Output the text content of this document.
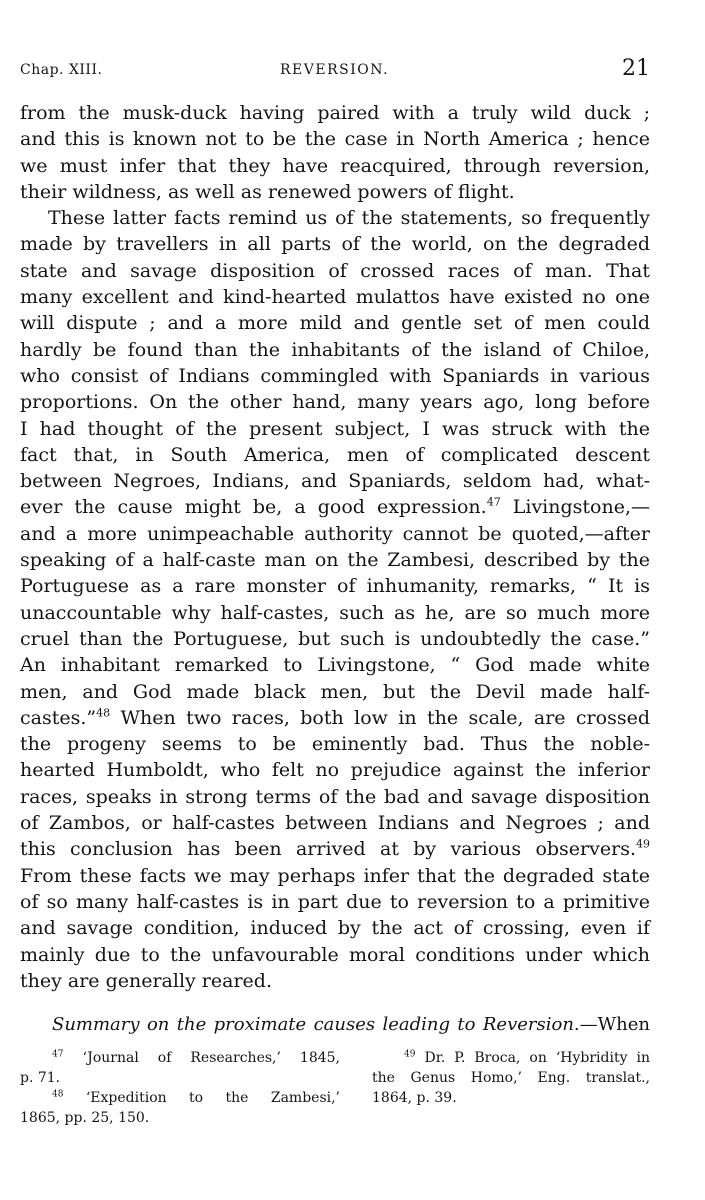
Chap. XIII.	REVERSION.	21
from the musk-duck having paired with a truly wild duck ;
and this is known not to be the case in North America ; hence
we must infer that they have reacquired, through reversion,
their wildness, as well as renewed powers of flight.
These latter facts remind us of the statements, so frequently
made by travellers in all parts of the world, on the degraded
state and savage disposition of crossed races of man. That
many excellent and kind-hearted mulattos have existed no one
will dispute ; and a more mild and gentle set of men could
hardly be found than the inhabitants of the island of Chiloe,
who consist of Indians commingled with Spaniards in various
proportions. On the other hand, many years ago, long before
I had thought of the present subject, I was struck with the
fact that, in South America, men of complicated descent
between Negroes, Indians, and Spaniards, seldom had, what-
ever the cause might be, a good expression.$^{47}$ Livingstone,—
and a more unimpeachable authority cannot be quoted,—after
speaking of a half-caste man on the Zambesi, described by the
Portuguese as a rare monster of inhumanity, remarks, “ It is
unaccountable why half-castes, such as he, are so much more
cruel than the Portuguese, but such is undoubtedly the case.”
An inhabitant remarked to Livingstone, “ God made white
men, and God made black men, but the Devil made half-
castes.”$^{48}$ When two races, both low in the scale, are crossed
the progeny seems to be eminently bad. Thus the noble-
hearted Humboldt, who felt no prejudice against the inferior
races, speaks in strong terms of the bad and savage disposition
of Zambos, or half-castes between Indians and Negroes ; and
this conclusion has been arrived at by various observers.$^{49}$
From these facts we may perhaps infer that the degraded state
of so many half-castes is in part due to reversion to a primitive
and savage condition, induced by the act of crossing, even if
mainly due to the unfavourable moral conditions under which
they are generally reared.
Summary on the proximate causes leading to Reversion.—When
$^{47}$ ‘Journal of Researches,’ 1845,
p. 71.
$^{48}$ ‘Expedition to the Zambesi,’
1865, pp. 25, 150.
$^{49}$ Dr. P. Broca, on ‘Hybridity in
the Genus Homo,’ Eng. translat.,
1864, p. 39.
